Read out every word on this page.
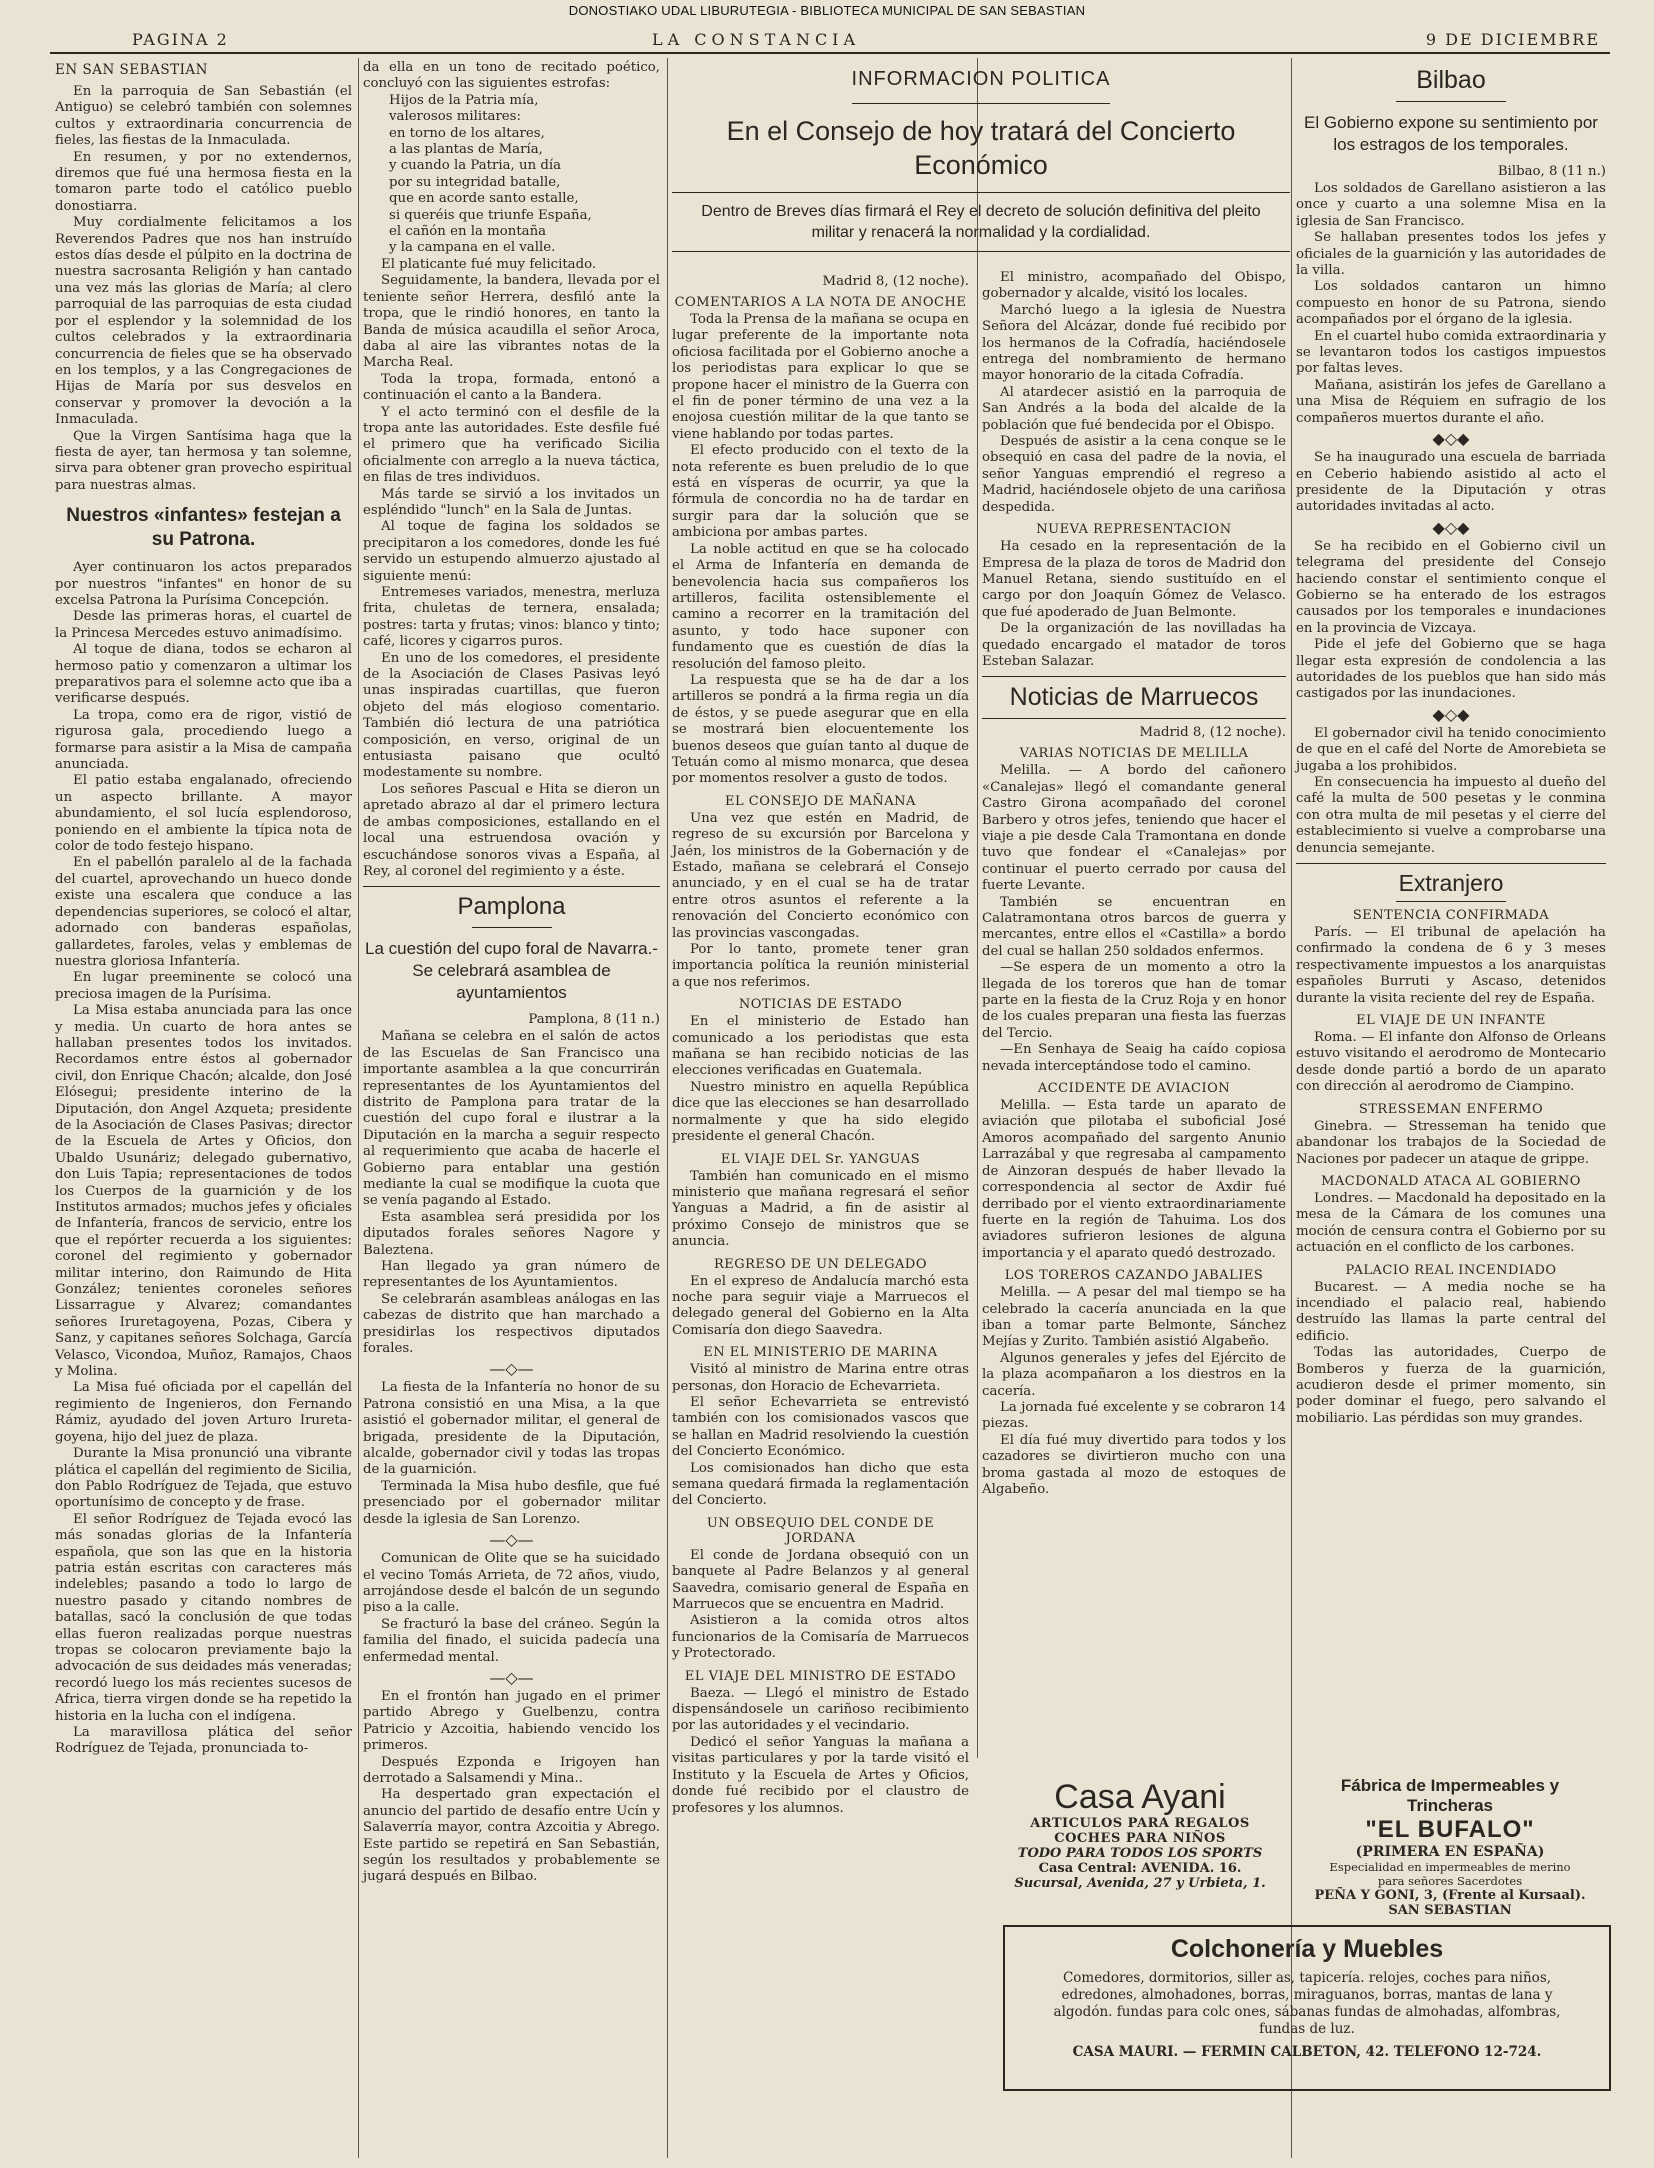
DONOSTIAKO UDAL LIBURUTEGIA - BIBLIOTECA MUNICIPAL DE SAN SEBASTIAN
PAGINA 2	LA CONSTANCIA	9 DE DICIEMBRE
EN SAN SEBASTIAN

En la parroquia de San Sebastián (el Antiguo) se celebró también con solemnes cultos y extraordinaria concurrencia de fieles, las fiestas de la Inmaculada.

En resumen, y por no extendernos, diremos que fué una hermosa fiesta en la tomaron parte todo el católico pueblo donostiarra.

Muy cordialmente felicitamos a los Reverendos Padres que nos han instruído estos días desde el púlpito en la doctrina de nuestra sacrosanta Religión y han cantado una vez más las glorias de María; al clero parroquial de las parroquias de esta ciudad por el esplendor y la solemnidad de los cultos celebrados y la extraordinaria concurrencia de fieles que se ha observado en los templos, y a las Congregaciones de Hijas de María por sus desvelos en conservar y promover la devoción a la Inmaculada.

Que la Virgen Santísima haga que la fiesta de ayer, tan hermosa y tan solemne, sirva para obtener gran provecho espiritual para nuestras almas.

Nuestros «infantes» festejan a su Patrona.

Ayer continuaron los actos preparados por nuestros "infantes" en honor de su excelsa Patrona la Purísima Concepción.

Desde las primeras horas, el cuartel de la Princesa Mercedes estuvo animadísimo.

Al toque de diana, todos se echaron al hermoso patio y comenzaron a ultimar los preparativos para el solemne acto que iba a verificarse después.

La tropa, como era de rigor, vistió de rigurosa gala, procediendo luego a formarse para asistir a la Misa de campaña anunciada.

El patio estaba engalanado, ofreciendo un aspecto brillante. A mayor abundamiento, el sol lucía esplendoroso, poniendo en el ambiente la típica nota de color de todo festejo hispano.

En el pabellón paralelo al de la fachada del cuartel, aprovechando un hueco donde existe una escalera que conduce a las dependencias superiores, se colocó el altar, adornado con banderas españolas, gallardetes, faroles, velas y emblemas de nuestra gloriosa Infantería.

En lugar preeminente se colocó una preciosa imagen de la Purísima.

La Misa estaba anunciada para las once y media. Un cuarto de hora antes se hallaban presentes todos los invitados. Recordamos entre éstos al gobernador civil, don Enrique Chacón; alcalde, don José Elósegui; presidente interino de la Diputación, don Angel Azqueta; presidente de la Asociación de Clases Pasivas; director de la Escuela de Artes y Oficios, don Ubaldo Usunáriz; delegado gubernativo, don Luis Tapia; representaciones de todos los Cuerpos de la guarnición y de los Institutos armados; muchos jefes y oficiales de Infantería, francos de servicio, entre los que el repórter recuerda a los siguientes: coronel del regimiento y gobernador militar interino, don Raimundo de Hita González; tenientes coroneles señores Lissarrague y Alvarez; comandantes señores Iruretagoyena, Pozas, Cibera y Sanz, y capitanes señores Solchaga, García Velasco, Vicondoa, Muñoz, Ramajos, Chaos y Molina.

La Misa fué oficiada por el capellán del regimiento de Ingenieros, don Fernando Rámiz, ayudado del joven Arturo Iruretagoyena, hijo del juez de plaza.

Durante la Misa pronunció una vibrante plática el capellán del regimiento de Sicilia, don Pablo Rodríguez de Tejada, que estuvo oportunísimo de concepto y de frase.

El señor Rodríguez de Tejada evocó las más sonadas glorias de la Infantería española, que son las que en la historia patria están escritas con caracteres más indelebles; pasando a todo lo largo de nuestro pasado y citando nombres de batallas, sacó la conclusión de que todas ellas fueron realizadas porque nuestras tropas se colocaron previamente bajo la advocación de sus deidades más veneradas; recordó luego los más recientes sucesos de Africa, tierra virgen donde se ha repetido la historia en la lucha con el indígena.

La maravillosa plática del señor Rodríguez de Tejada, pronunciada to-

da ella en un tono de recitado poético, concluyó con las siguientes estrofas:

Hijos de la Patria mía,

valerosos militares:

en torno de los altares,

a las plantas de María,

y cuando la Patria, un día

por su integridad batalle,

que en acorde santo estalle,

si queréis que triunfe España,

el cañón en la montaña

y la campana en el valle.

El platicante fué muy felicitado.

Seguidamente, la bandera, llevada por el teniente señor Herrera, desfiló ante la tropa, que le rindió honores, en tanto la Banda de música acaudilla el señor Aroca, daba al aire las vibrantes notas de la Marcha Real.

Toda la tropa, formada, entonó a continuación el canto a la Bandera.

Y el acto terminó con el desfile de la tropa ante las autoridades. Este desfile fué el primero que ha verificado Sicilia oficialmente con arreglo a la nueva táctica, en filas de tres individuos.

Más tarde se sirvió a los invitados un espléndido "lunch" en la Sala de Juntas.

Al toque de fagina los soldados se precipitaron a los comedores, donde les fué servido un estupendo almuerzo ajustado al siguiente menú:

Entremeses variados, menestra, merluza frita, chuletas de ternera, ensalada; postres: tarta y frutas; vinos: blanco y tinto; café, licores y cigarros puros.

En uno de los comedores, el presidente de la Asociación de Clases Pasivas leyó unas inspiradas cuartillas, que fueron objeto del más elogioso comentario. También dió lectura de una patriótica composición, en verso, original de un entusiasta paisano que ocultó modestamente su nombre.

Los señores Pascual e Hita se dieron un apretado abrazo al dar el primero lectura de ambas composiciones, estallando en el local una estruendosa ovación y escuchándose sonoros vivas a España, al Rey, al coronel del regimiento y a éste.

Pamplona
La cuestión del cupo foral de Navarra.- Se celebrará asamblea de ayuntamientos
Pamplona, 8 (11 n.)

Mañana se celebra en el salón de actos de las Escuelas de San Francisco una importante asamblea a la que concurrirán representantes de los Ayuntamientos del distrito de Pamplona para tratar de la cuestión del cupo foral e ilustrar a la Diputación en la marcha a seguir respecto al requerimiento que acaba de hacerle el Gobierno para entablar una gestión mediante la cual se modifique la cuota que se venía pagando al Estado.

Esta asamblea será presidida por los diputados forales señores Nagore y Baleztena.

Han llegado ya gran número de representantes de los Ayuntamientos.

Se celebrarán asambleas análogas en las cabezas de distrito que han marchado a presidirlas los respectivos diputados forales.

—◇—

La fiesta de la Infantería no honor de su Patrona consistió en una Misa, a la que asistió el gobernador militar, el general de brigada, presidente de la Diputación, alcalde, gobernador civil y todas las tropas de la guarnición.

Terminada la Misa hubo desfile, que fué presenciado por el gobernador militar desde la iglesia de San Lorenzo.

—◇—

Comunican de Olite que se ha suicidado el vecino Tomás Arrieta, de 72 años, viudo, arrojándose desde el balcón de un segundo piso a la calle.

Se fracturó la base del cráneo. Según la familia del finado, el suicida padecía una enfermedad mental.

—◇—

En el frontón han jugado en el primer partido Abrego y Guelbenzu, contra Patricio y Azcoitia, habiendo vencido los primeros.

Después Ezponda e Irigoyen han derrotado a Salsamendi y Mina..

Ha despertado gran expectación el anuncio del partido de desafío entre Ucín y Salaverría mayor, contra Azcoitia y Abrego. Este partido se repetirá en San Sebastián, según los resultados y probablemente se jugará después en Bilbao.

INFORMACION POLITICA
En el Consejo de hoy tratará del Concierto Económico
Dentro de Breves días firmará el Rey el decreto de solución definitiva del pleito militar y renacerá la normalidad y la cordialidad.
Madrid 8, (12 noche).
COMENTARIOS A LA NOTA DE ANOCHE

Toda la Prensa de la mañana se ocupa en lugar preferente de la importante nota oficiosa facilitada por el Gobierno anoche a los periodistas para explicar lo que se propone hacer el ministro de la Guerra con el fin de poner término de una vez a la enojosa cuestión militar de la que tanto se viene hablando por todas partes.

El efecto producido con el texto de la nota referente es buen preludio de lo que está en vísperas de ocurrir, ya que la fórmula de concordia no ha de tardar en surgir para dar la solución que se ambiciona por ambas partes.

La noble actitud en que se ha colocado el Arma de Infantería en demanda de benevolencia hacia sus compañeros los artilleros, facilita ostensiblemente el camino a recorrer en la tramitación del asunto, y todo hace suponer con fundamento que es cuestión de días la resolución del famoso pleito.

La respuesta que se ha de dar a los artilleros se pondrá a la firma regia un día de éstos, y se puede asegurar que en ella se mostrará bien elocuentemente los buenos deseos que guían tanto al duque de Tetuán como al mismo monarca, que desea por momentos resolver a gusto de todos.

EL CONSEJO DE MAÑANA

Una vez que estén en Madrid, de regreso de su excursión por Barcelona y Jaén, los ministros de la Gobernación y de Estado, mañana se celebrará el Consejo anunciado, y en el cual se ha de tratar entre otros asuntos el referente a la renovación del Concierto económico con las provincias vascongadas.

Por lo tanto, promete tener gran importancia política la reunión ministerial a que nos referimos.

NOTICIAS DE ESTADO

En el ministerio de Estado han comunicado a los periodistas que esta mañana se han recibido noticias de las elecciones verificadas en Guatemala.

Nuestro ministro en aquella República dice que las elecciones se han desarrollado normalmente y que ha sido elegido presidente el general Chacón.

EL VIAJE DEL Sr. YANGUAS

También han comunicado en el mismo ministerio que mañana regresará el señor Yanguas a Madrid, a fin de asistir al próximo Consejo de ministros que se anuncia.

REGRESO DE UN DELEGADO

En el expreso de Andalucía marchó esta noche para seguir viaje a Marruecos el delegado general del Gobierno en la Alta Comisaría don diego Saavedra.

EN EL MINISTERIO DE MARINA

Visitó al ministro de Marina entre otras personas, don Horacio de Echevarrieta.

El señor Echevarrieta se entrevistó también con los comisionados vascos que se hallan en Madrid resolviendo la cuestión del Concierto Económico.

Los comisionados han dicho que esta semana quedará firmada la reglamentación del Concierto.

UN OBSEQUIO DEL CONDE DE JORDANA

El conde de Jordana obsequió con un banquete al Padre Belanzos y al general Saavedra, comisario general de España en Marruecos que se encuentra en Madrid.

Asistieron a la comida otros altos funcionarios de la Comisaría de Marruecos y Protectorado.

EL VIAJE DEL MINISTRO DE ESTADO

Baeza. — Llegó el ministro de Estado dispensándosele un cariñoso recibimiento por las autoridades y el vecindario.

Dedicó el señor Yanguas la mañana a visitas particulares y por la tarde visitó el Instituto y la Escuela de Artes y Oficios, donde fué recibido por el claustro de profesores y los alumnos.

El ministro, acompañado del Obispo, gobernador y alcalde, visitó los locales.

Marchó luego a la iglesia de Nuestra Señora del Alcázar, donde fué recibido por los hermanos de la Cofradía, haciéndosele entrega del nombramiento de hermano mayor honorario de la citada Cofradía.

Al atardecer asistió en la parroquia de San Andrés a la boda del alcalde de la población que fué bendecida por el Obispo.

Después de asistir a la cena conque se le obsequió en casa del padre de la novia, el señor Yanguas emprendió el regreso a Madrid, haciéndosele objeto de una cariñosa despedida.

NUEVA REPRESENTACION

Ha cesado en la representación de la Empresa de la plaza de toros de Madrid don Manuel Retana, siendo sustituído en el cargo por don Joaquín Gómez de Velasco. que fué apoderado de Juan Belmonte.

De la organización de las novilladas ha quedado encargado el matador de toros Esteban Salazar.

Noticias de Marruecos
Madrid 8, (12 noche).
VARIAS NOTICIAS DE MELILLA

Melilla. — A bordo del cañonero «Canalejas» llegó el comandante general Castro Girona acompañado del coronel Barbero y otros jefes, teniendo que hacer el viaje a pie desde Cala Tramontana en donde tuvo que fondear el «Canalejas» por continuar el puerto cerrado por causa del fuerte Levante.

También se encuentran en Calatramontana otros barcos de guerra y mercantes, entre ellos el «Castilla» a bordo del cual se hallan 250 soldados enfermos.

—Se espera de un momento a otro la llegada de los toreros que han de tomar parte en la fiesta de la Cruz Roja y en honor de los cuales preparan una fiesta las fuerzas del Tercio.

—En Senhaya de Seaig ha caído copiosa nevada interceptándose todo el camino.

ACCIDENTE DE AVIACION

Melilla. — Esta tarde un aparato de aviación que pilotaba el suboficial José Amoros acompañado del sargento Anunio Larrazábal y que regresaba al campamento de Ainzoran después de haber llevado la correspondencia al sector de Axdir fué derribado por el viento extraordinariamente fuerte en la región de Tahuima. Los dos aviadores sufrieron lesiones de alguna importancia y el aparato quedó destrozado.

LOS TOREROS CAZANDO JABALIES

Melilla. — A pesar del mal tiempo se ha celebrado la cacería anunciada en la que iban a tomar parte Belmonte, Sánchez Mejías y Zurito. También asistió Algabeño.

Algunos generales y jefes del Ejército de la plaza acompañaron a los diestros en la cacería.

La jornada fué excelente y se cobraron 14 piezas.

El día fué muy divertido para todos y los cazadores se divirtieron mucho con una broma gastada al mozo de estoques de Algabeño.

Casa Ayani
ARTICULOS PARA REGALOS
COCHES PARA NIÑOS
TODO PARA TODOS LOS SPORTS
Casa Central: AVENIDA. 16.
Sucursal, Avenida, 27 y Urbieta, 1.
Colchonería y Muebles
Comedores, dormitorios, siller as, tapicería. relojes, coches para niños, edredones, almohadones, borras, miraguanos, borras, mantas de lana y algodón. fundas para colc ones, sábanas fundas de almohadas, alfombras, fundas de luz.
CASA MAURI. — FERMIN CALBETON, 42. TELEFONO 12-724.
Bilbao
El Gobierno expone su sentimiento por los estragos de los temporales.
Bilbao, 8 (11 n.)

Los soldados de Garellano asistieron a las once y cuarto a una solemne Misa en la iglesia de San Francisco.

Se hallaban presentes todos los jefes y oficiales de la guarnición y las autoridades de la villa.

Los soldados cantaron un himno compuesto en honor de su Patrona, siendo acompañados por el órgano de la iglesia.

En el cuartel hubo comida extraordinaria y se levantaron todos los castigos impuestos por faltas leves.

Mañana, asistirán los jefes de Garellano a una Misa de Réquiem en sufragio de los compañeros muertos durante el año.

◆◇◆

Se ha inaugurado una escuela de barriada en Ceberio habiendo asistido al acto el presidente de la Diputación y otras autoridades invitadas al acto.

◆◇◆

Se ha recibido en el Gobierno civil un telegrama del presidente del Consejo haciendo constar el sentimiento conque el Gobierno se ha enterado de los estragos causados por los temporales e inundaciones en la provincia de Vizcaya.

Pide el jefe del Gobierno que se haga llegar esta expresión de condolencia a las autoridades de los pueblos que han sido más castigados por las inundaciones.

◆◇◆

El gobernador civil ha tenido conocimiento de que en el café del Norte de Amorebieta se jugaba a los prohibidos.

En consecuencia ha impuesto al dueño del café la multa de 500 pesetas y le conmina con otra multa de mil pesetas y el cierre del establecimiento si vuelve a comprobarse una denuncia semejante.

Extranjero
SENTENCIA CONFIRMADA

París. — El tribunal de apelación ha confirmado la condena de 6 y 3 meses respectivamente impuestos a los anarquistas españoles Burruti y Ascaso, detenidos durante la visita reciente del rey de España.

EL VIAJE DE UN INFANTE

Roma. — El infante don Alfonso de Orleans estuvo visitando el aerodromo de Montecario desde donde partió a bordo de un aparato con dirección al aerodromo de Ciampino.

STRESSEMAN ENFERMO

Ginebra. — Stresseman ha tenido que abandonar los trabajos de la Sociedad de Naciones por padecer un ataque de grippe.

MACDONALD ATACA AL GOBIERNO

Londres. — Macdonald ha depositado en la mesa de la Cámara de los comunes una moción de censura contra el Gobierno por su actuación en el conflicto de los carbones.

PALACIO REAL INCENDIADO

Bucarest. — A media noche se ha incendiado el palacio real, habiendo destruído las llamas la parte central del edificio.

Todas las autoridades, Cuerpo de Bomberos y fuerza de la guarnición, acudieron desde el primer momento, sin poder dominar el fuego, pero salvando el mobiliario. Las pérdidas son muy grandes.

Fábrica de Impermeables y Trincheras
"EL BUFALO"
(PRIMERA EN ESPAÑA)
Especialidad en impermeables de merino para señores Sacerdotes
PEÑA Y GONI, 3, (Frente al Kursaal).
SAN SEBASTIAN
